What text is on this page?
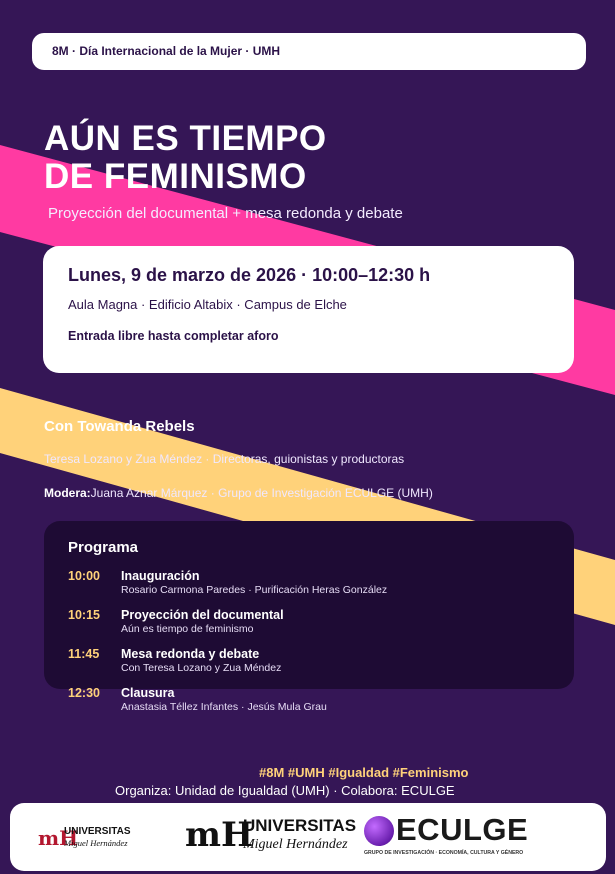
8M · Día Internacional de la Mujer · UMH
AÚN ES TIEMPO
DE FEMINISMO
Proyección del documental + mesa redonda y debate
Lunes, 9 de marzo de 2026 · 10:00–12:30 h
Aula Magna · Edificio Altabix · Campus de Elche
Entrada libre hasta completar aforo
Con Towanda Rebels
Teresa Lozano y Zua Méndez · Directoras, guionistas y productoras
Modera:Juana Aznar Márquez · Grupo de Investigación ECULGE (UMH)
Programa
10:00 Inauguración
Rosario Carmona Paredes · Purificación Heras González
10:15 Proyección del documental
Aún es tiempo de feminismo
11:45 Mesa redonda y debate
Con Teresa Lozano y Zua Méndez
12:30 Clausura
Anastasia Téllez Infantes · Jesús Mula Grau
#8M #UMH #Igualdad #Feminismo
Organiza: Unidad de Igualdad (UMH) · Colabora: ECULGE
mH
UNIVERSITAS
Miguel Hernández mH
UNIVERSITAS
Miguel Hernández ECULGE
GRUPO DE INVESTIGACIÓN · ECONOMÍA, CULTURA Y GÉNERO
